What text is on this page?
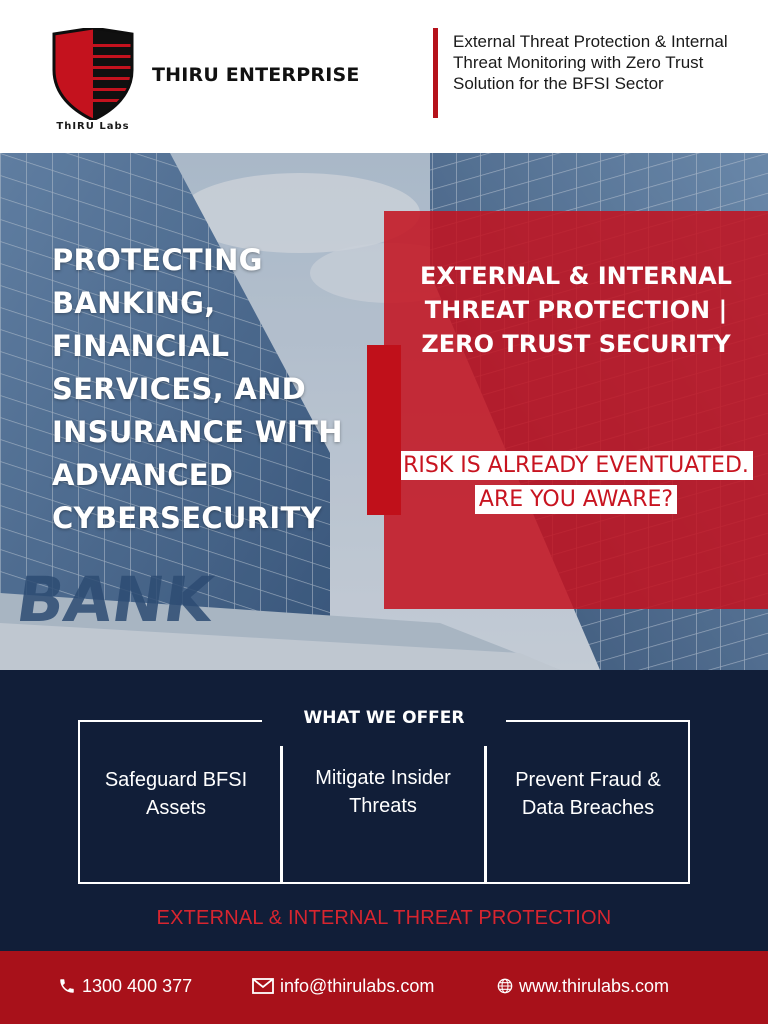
ThIRU Labs
THIRU ENTERPRISE
External Threat Protection & Internal Threat Monitoring with Zero Trust Solution for the BFSI Sector
BANK
PROTECTING BANKING, FINANCIAL SERVICES, AND INSURANCE WITH ADVANCED CYBERSECURITY
EXTERNAL & INTERNAL THREAT PROTECTION | ZERO TRUST SECURITY
RISK IS ALREADY EVENTUATED. ARE YOU AWARE?
WHAT WE OFFER
Safeguard BFSI Assets
Mitigate Insider Threats
Prevent Fraud & Data Breaches
EXTERNAL & INTERNAL THREAT PROTECTION
1300 400 377	info@thirulabs.com	www.thirulabs.com
